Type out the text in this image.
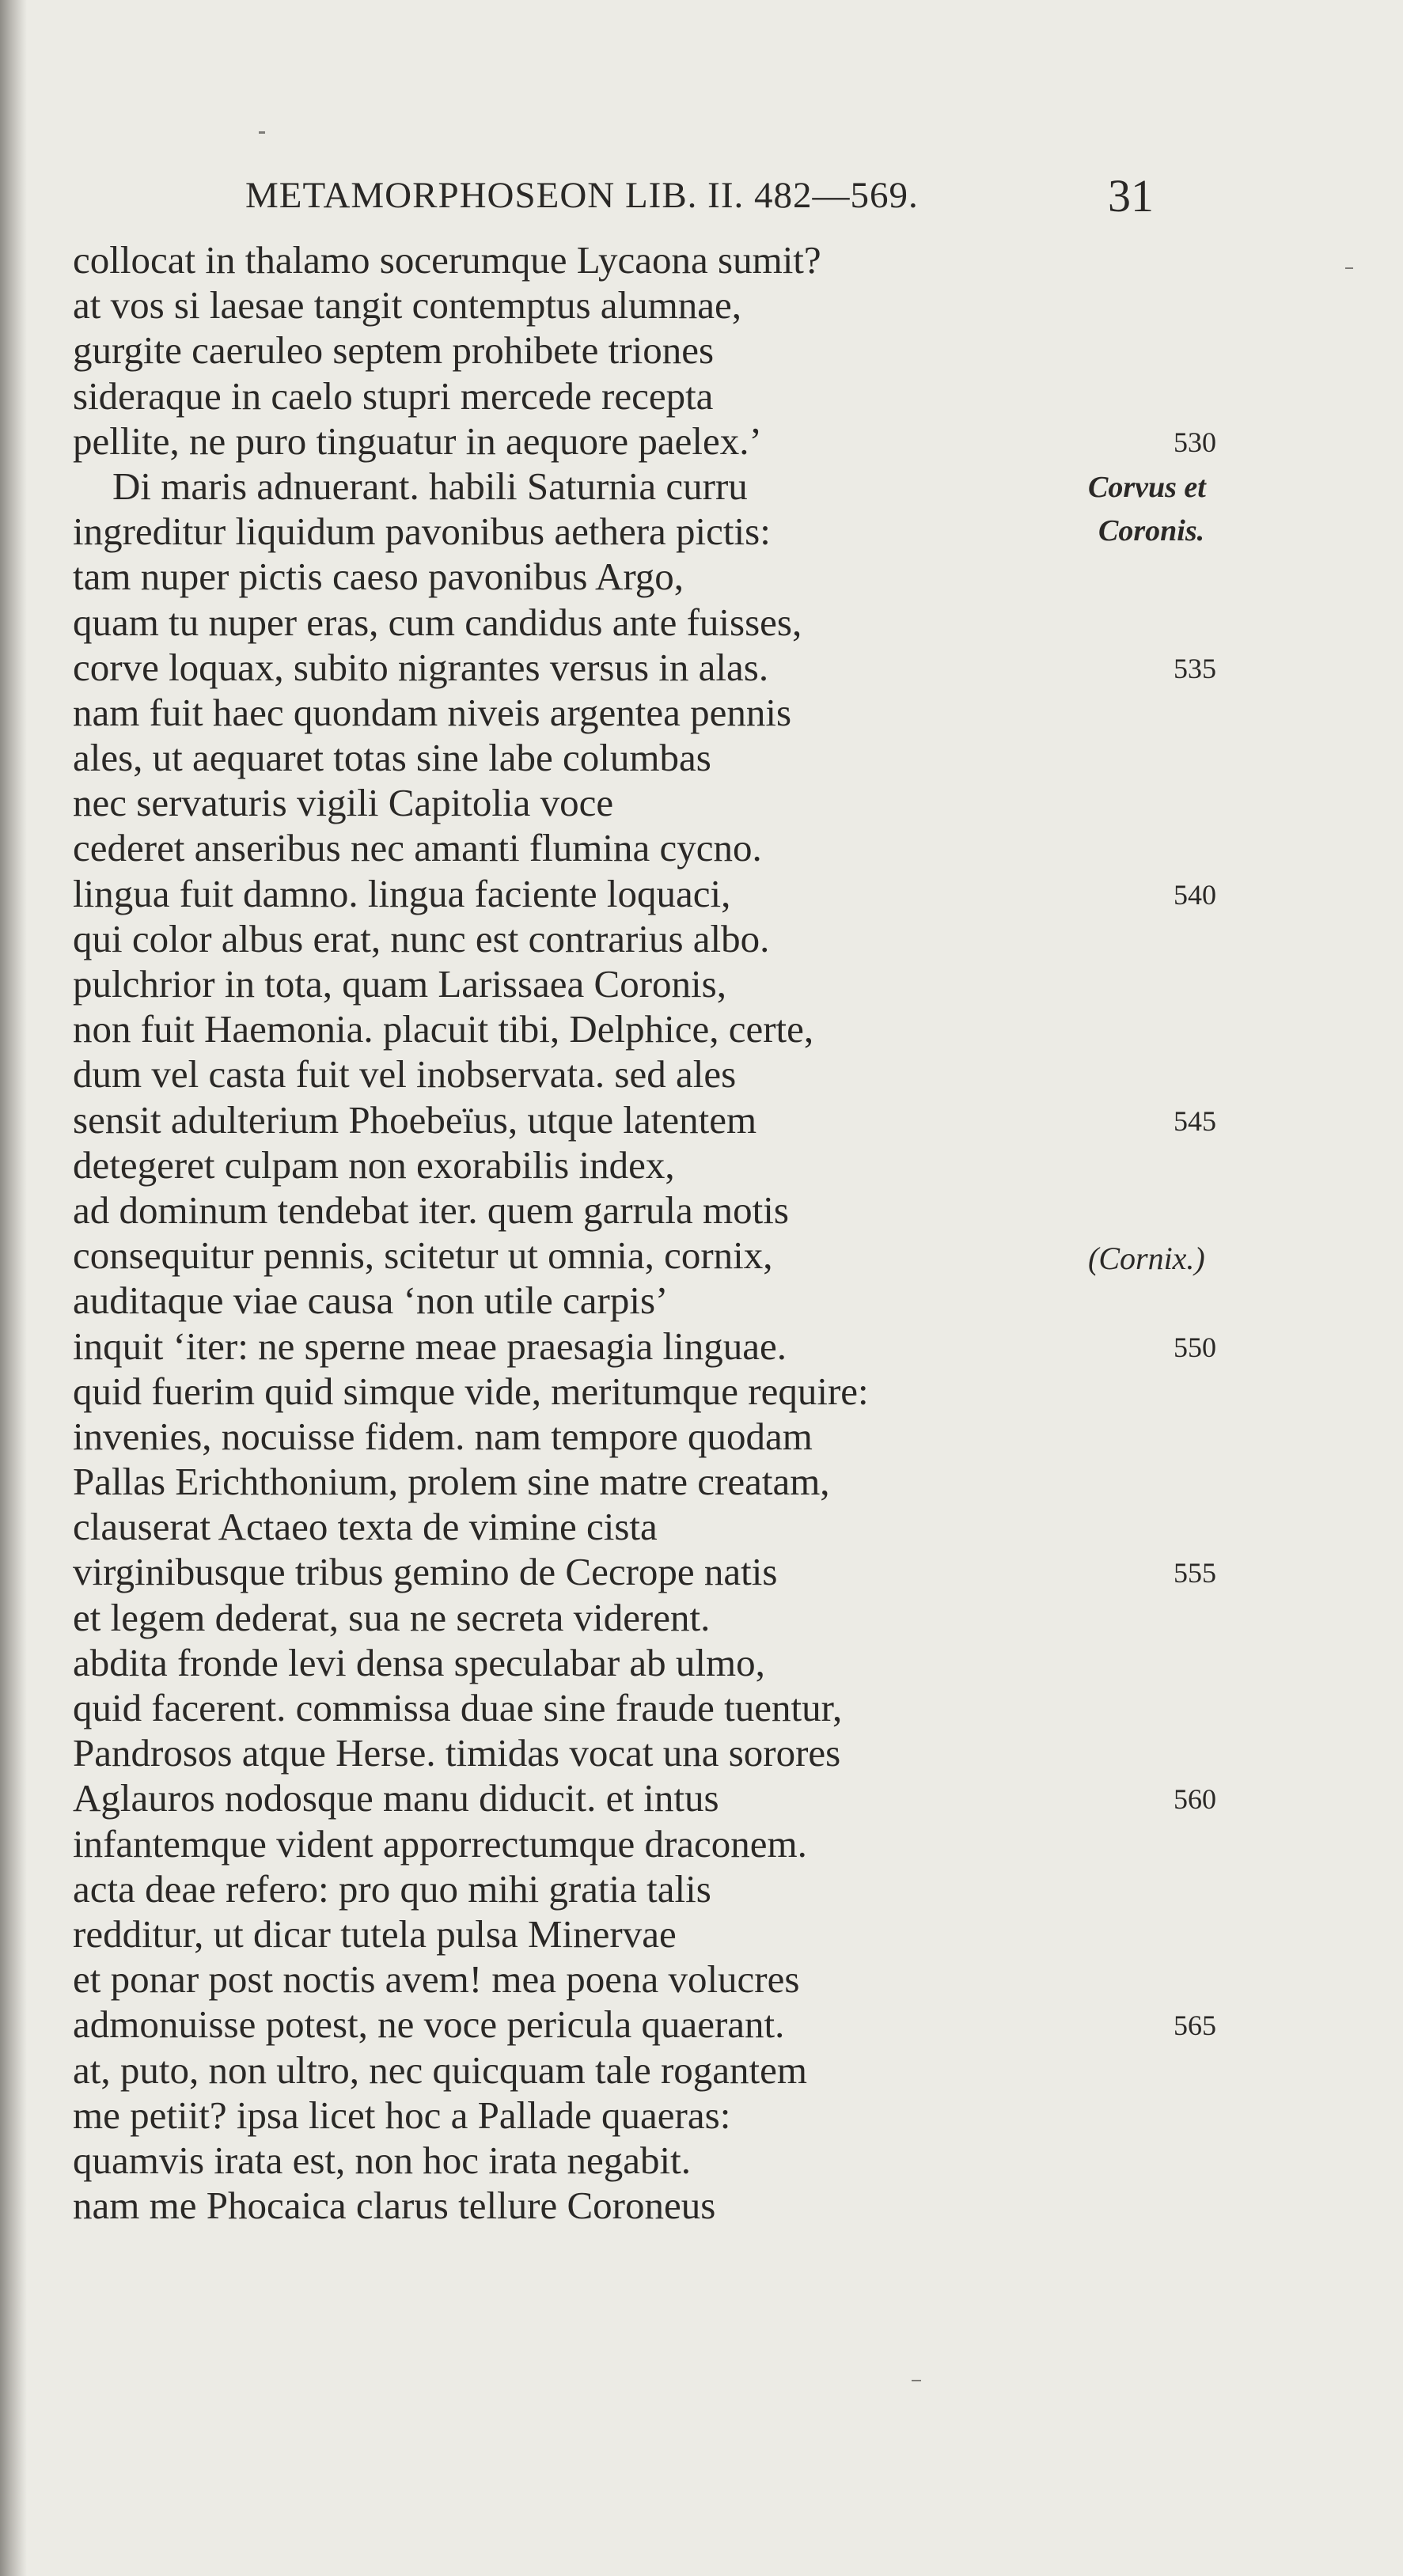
METAMORPHOSEON LIB. II. 482—569.	31
collocat in thalamo socerumque Lycaona sumit?
at vos si laesae tangit contemptus alumnae,
gurgite caeruleo septem prohibete triones
sideraque in caelo stupri mercede recepta
pellite, ne puro tinguatur in aequore paelex.’	530
Di maris adnuerant. habili Saturnia curru	Corvus et
ingreditur liquidum pavonibus aethera pictis:	Coronis.
tam nuper pictis caeso pavonibus Argo,
quam tu nuper eras, cum candidus ante fuisses,
corve loquax, subito nigrantes versus in alas.	535
nam fuit haec quondam niveis argentea pennis
ales, ut aequaret totas sine labe columbas
nec servaturis vigili Capitolia voce
cederet anseribus nec amanti flumina cycno.
lingua fuit damno. lingua faciente loquaci,	540
qui color albus erat, nunc est contrarius albo.
pulchrior in tota, quam Larissaea Coronis,
non fuit Haemonia. placuit tibi, Delphice, certe,
dum vel casta fuit vel inobservata. sed ales
sensit adulterium Phoebeïus, utque latentem	545
detegeret culpam non exorabilis index,
ad dominum tendebat iter. quem garrula motis
consequitur pennis, scitetur ut omnia, cornix,	(Cornix.)
auditaque viae causa ‘non utile carpis’
inquit ‘iter: ne sperne meae praesagia linguae.	550
quid fuerim quid simque vide, meritumque require:
invenies, nocuisse fidem. nam tempore quodam
Pallas Erichthonium, prolem sine matre creatam,
clauserat Actaeo texta de vimine cista
virginibusque tribus gemino de Cecrope natis	555
et legem dederat, sua ne secreta viderent.
abdita fronde levi densa speculabar ab ulmo,
quid facerent. commissa duae sine fraude tuentur,
Pandrosos atque Herse. timidas vocat una sorores
Aglauros nodosque manu diducit. et intus	560
infantemque vident apporrectumque draconem.
acta deae refero: pro quo mihi gratia talis
redditur, ut dicar tutela pulsa Minervae
et ponar post noctis avem! mea poena volucres
admonuisse potest, ne voce pericula quaerant.	565
at, puto, non ultro, nec quicquam tale rogantem
me petiit? ipsa licet hoc a Pallade quaeras:
quamvis irata est, non hoc irata negabit.
nam me Phocaica clarus tellure Coroneus
